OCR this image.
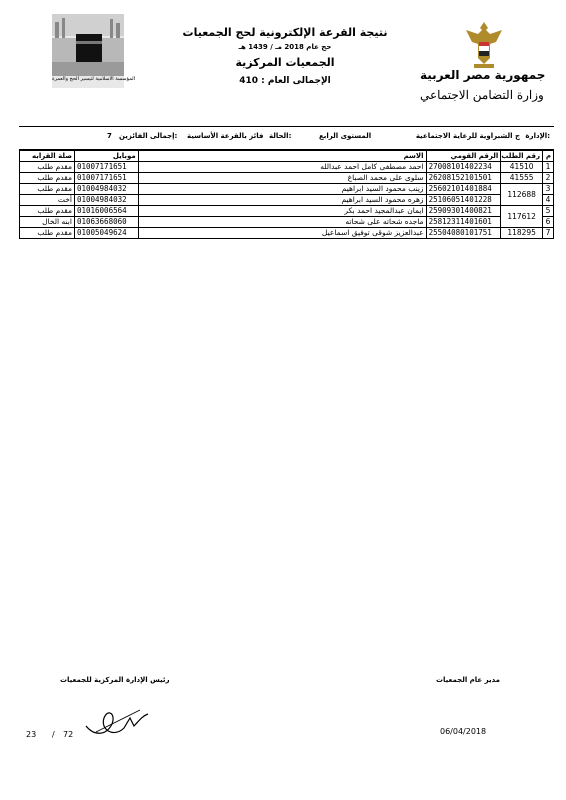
المؤسسة الاسلامية لتيسير الحج والعمرة	جمهورية مصر العربية
وزارة التضامن الاجتماعي
نتيجة القرعة الإلكترونية لحج الجمعيات
حج عام 2018 مـ / 1439 هـ
الجمعيات المركزية
الإجمالى العام : 410
الإدارة:
ج الشبراوية للرعاية الاجتماعية
المستوى الرابع
الحالة:
فائز بالقرعة الأساسية
إجمالى الفائزين:
7
م	رقم الطلب	الرقم القومي	الاسم	موبايل	صلة القرابه
1	41510	27008101402234	احمد مصطفى كامل احمد عبدالله	01007171651	مقدم طلب
2	41555	26208152101501	سلوى على محمد الصباغ	01007171651	مقدم طلب
3	112688	25602101401884	زينب محمود السيد ابراهيم	01004984032	مقدم طلب
4		25106051401228	زهره محمود السيد ابراهيم	01004984032	أخت
5	117612	25909301400821	ايمان عبدالمجيد احمد بكر	01016006564	مقدم طلب
6		25812311401601	ماجده شحاته على شحاته	01063668060	ابنه الخال
7	118295	25504080101751	عبدالعزيز شوقى توفيق اسماعيل	01005049624	مقدم طلب
رئيس الإدارة المركزية للجمعيات	مدير عام الجمعيات
23 / 72	06/04/2018
